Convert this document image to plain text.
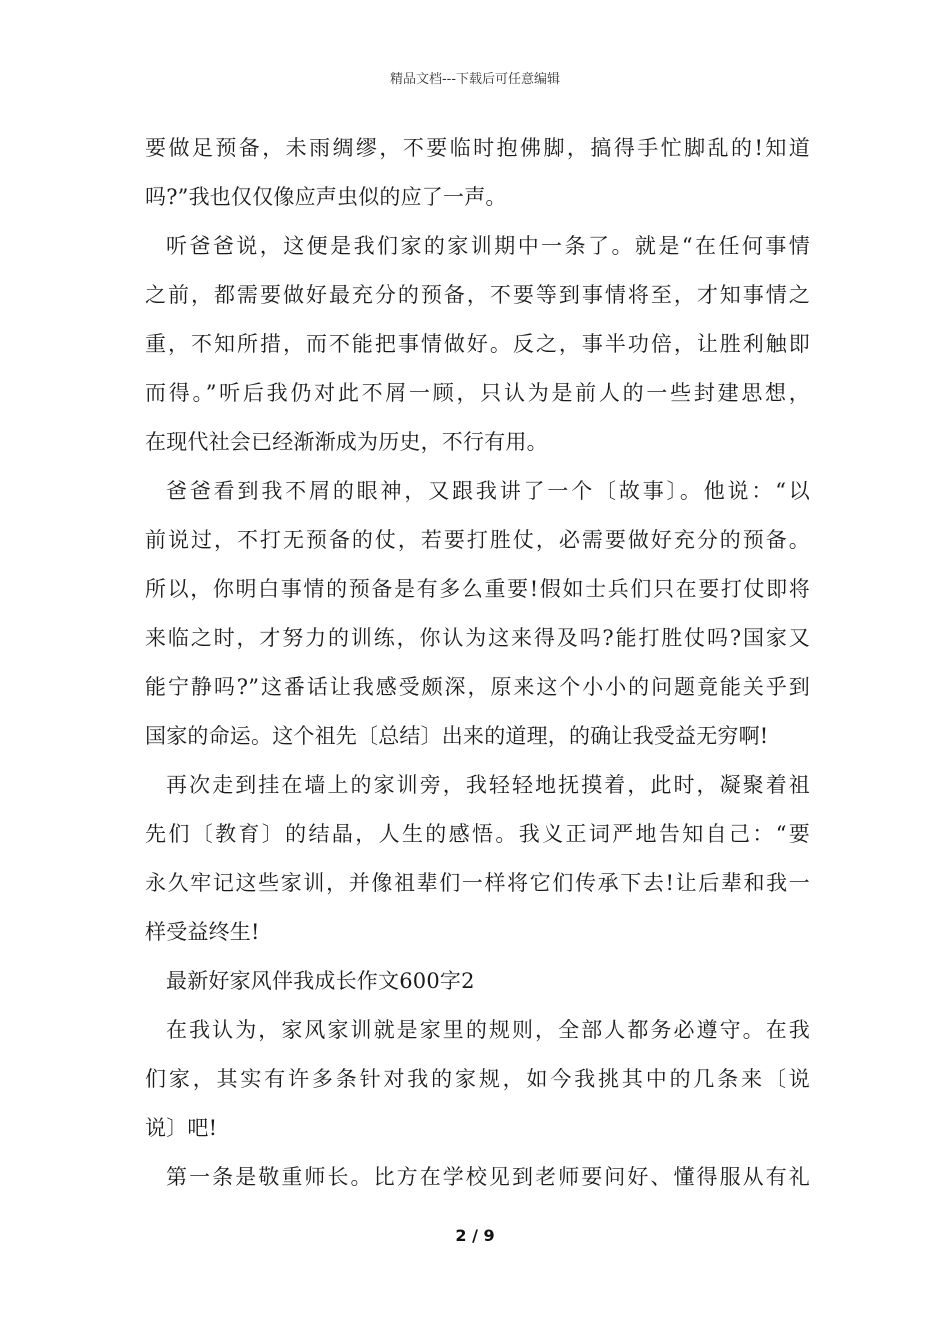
精品文档---下载后可任意编辑
要做足预备，未雨绸缪，不要临时抱佛脚，搞得手忙脚乱的!知道
吗?”我也仅仅像应声虫似的应了一声。
听爸爸说，这便是我们家的家训期中一条了。就是“在任何事情
之前，都需要做好最充分的预备，不要等到事情将至，才知事情之
重，不知所措，而不能把事情做好。反之，事半功倍，让胜利触即
而得。”听后我仍对此不屑一顾，只认为是前人的一些封建思想，
在现代社会已经渐渐成为历史，不行有用。
爸爸看到我不屑的眼神，又跟我讲了一个〔故事〕。他说：“以
前说过，不打无预备的仗，若要打胜仗，必需要做好充分的预备。
所以，你明白事情的预备是有多么重要!假如士兵们只在要打仗即将
来临之时，才努力的训练，你认为这来得及吗?能打胜仗吗?国家又
能宁静吗?”这番话让我感受颇深，原来这个小小的问题竟能关乎到
国家的命运。这个祖先〔总结〕出来的道理，的确让我受益无穷啊!
再次走到挂在墙上的家训旁，我轻轻地抚摸着，此时，凝聚着祖
先们〔教育〕的结晶，人生的感悟。我义正词严地告知自己：“要
永久牢记这些家训，并像祖辈们一样将它们传承下去!让后辈和我一
样受益终生!
最新好家风伴我成长作文600字2
在我认为，家风家训就是家里的规则，全部人都务必遵守。在我
们家，其实有许多条针对我的家规，如今我挑其中的几条来〔说
说〕吧!
第一条是敬重师长。比方在学校见到老师要问好、懂得服从有礼
2 / 9
